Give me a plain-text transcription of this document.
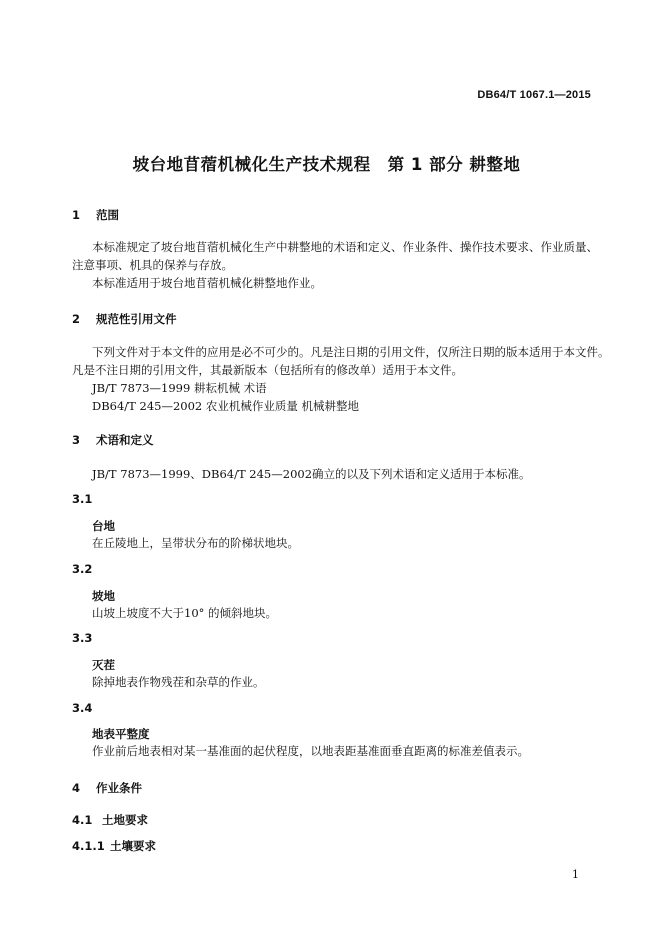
DB64/T 1067.1—2015
坡台地苜蓿机械化生产技术规程　第 1 部分 耕整地
1 范围
本标准规定了坡台地苜蓿机械化生产中耕整地的术语和定义、作业条件、操作技术要求、作业质量、
注意事项、机具的保养与存放。
本标准适用于坡台地苜蓿机械化耕整地作业。
2 规范性引用文件
下列文件对于本文件的应用是必不可少的。凡是注日期的引用文件，仅所注日期的版本适用于本文件。
凡是不注日期的引用文件，其最新版本（包括所有的修改单）适用于本文件。
JB/T 7873—1999 耕耘机械 术语
DB64/T 245—2002 农业机械作业质量 机械耕整地
3 术语和定义
JB/T 7873—1999、DB64/T 245—2002确立的以及下列术语和定义适用于本标准。
3.1
台地
在丘陵地上，呈带状分布的阶梯状地块。
3.2
坡地
山坡上坡度不大于10° 的倾斜地块。
3.3
灭茬
除掉地表作物残茬和杂草的作业。
3.4
地表平整度
作业前后地表相对某一基准面的起伏程度，以地表距基准面垂直距离的标准差值表示。
4 作业条件
4.1 土地要求
4.1.1 土壤要求
1
